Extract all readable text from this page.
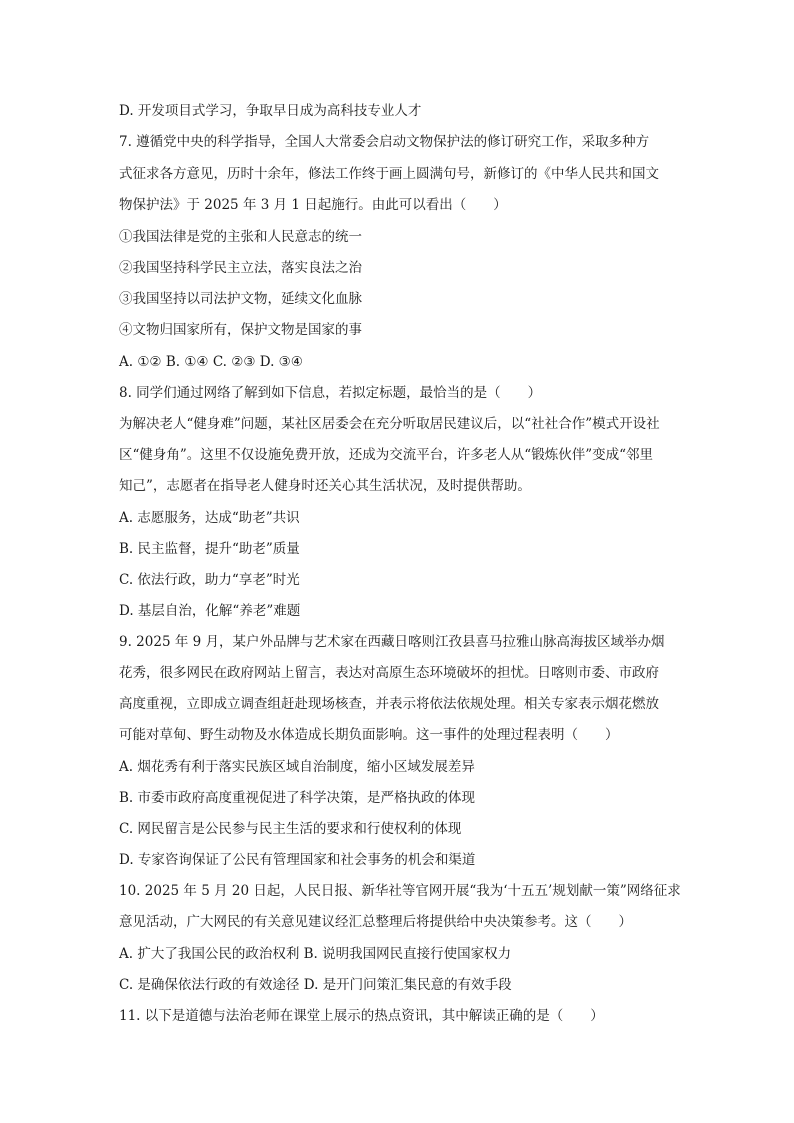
D. 开发项目式学习，争取早日成为高科技专业人才
7. 遵循党中央的科学指导，全国人大常委会启动文物保护法的修订研究工作，采取多种方
式征求各方意见，历时十余年，修法工作终于画上圆满句号，新修订的《中华人民共和国文
物保护法》于 2025 年 3 月 1 日起施行。由此可以看出（　　）
①我国法律是党的主张和人民意志的统一
②我国坚持科学民主立法，落实良法之治
③我国坚持以司法护文物，延续文化血脉
④文物归国家所有，保护文物是国家的事
A. ①② B. ①④ C. ②③ D. ③④
8. 同学们通过网络了解到如下信息，若拟定标题，最恰当的是（　　）
为解决老人“健身难”问题，某社区居委会在充分听取居民建议后，以“社社合作”模式开设社
区“健身角”。这里不仅设施免费开放，还成为交流平台，许多老人从“锻炼伙伴”变成“邻里
知己”，志愿者在指导老人健身时还关心其生活状况，及时提供帮助。
A. 志愿服务，达成“助老”共识
B. 民主监督，提升“助老”质量
C. 依法行政，助力“享老”时光
D. 基层自治，化解“养老”难题
9. 2025 年 9 月，某户外品牌与艺术家在西藏日喀则江孜县喜马拉雅山脉高海拔区域举办烟
花秀，很多网民在政府网站上留言，表达对高原生态环境破坏的担忧。日喀则市委、市政府
高度重视，立即成立调查组赶赴现场核查，并表示将依法依规处理。相关专家表示烟花燃放
可能对草甸、野生动物及水体造成长期负面影响。这一事件的处理过程表明（　　）
A. 烟花秀有利于落实民族区域自治制度，缩小区域发展差异
B. 市委市政府高度重视促进了科学决策，是严格执政的体现
C. 网民留言是公民参与民主生活的要求和行使权利的体现
D. 专家咨询保证了公民有管理国家和社会事务的机会和渠道
10. 2025 年 5 月 20 日起，人民日报、新华社等官网开展“我为‘十五五’规划献一策”网络征求
意见活动，广大网民的有关意见建议经汇总整理后将提供给中央决策参考。这（　　）
A. 扩大了我国公民的政治权利 B. 说明我国网民直接行使国家权力
C. 是确保依法行政的有效途径 D. 是开门问策汇集民意的有效手段
11. 以下是道德与法治老师在课堂上展示的热点资讯，其中解读正确的是（　　）
